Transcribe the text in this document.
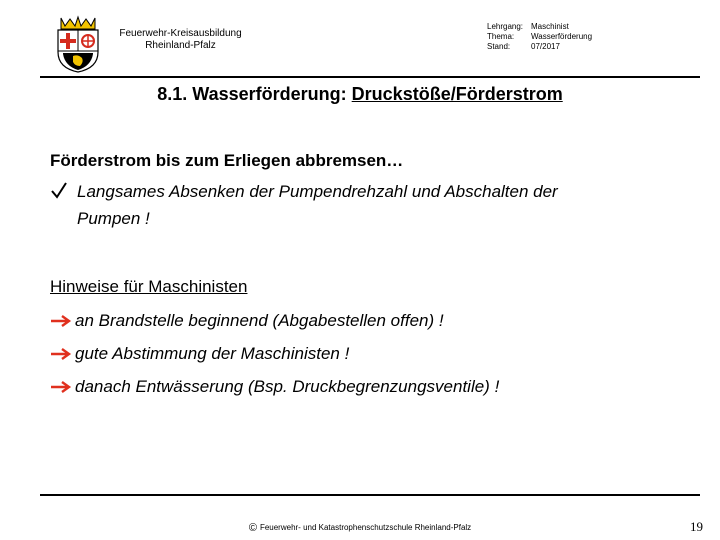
Feuerwehr-Kreisausbildung
Rheinland-Pfalz
Lehrgang: Maschinist
Thema: Wasserförderung
Stand:	07/2017
8.1. Wasserförderung: Druckstöße/Förderstrom
Förderstrom bis zum Erliegen abbremsen…
Langsames Absenken der Pumpendrehzahl und Abschalten der
Pumpen !
Hinweise für Maschinisten
an Brandstelle beginnend (Abgabestellen offen) !
gute Abstimmung der Maschinisten !
danach Entwässerung (Bsp. Druckbegrenzungsventile) !
© Feuerwehr- und Katastrophenschutzschule Rheinland-Pfalz	19
